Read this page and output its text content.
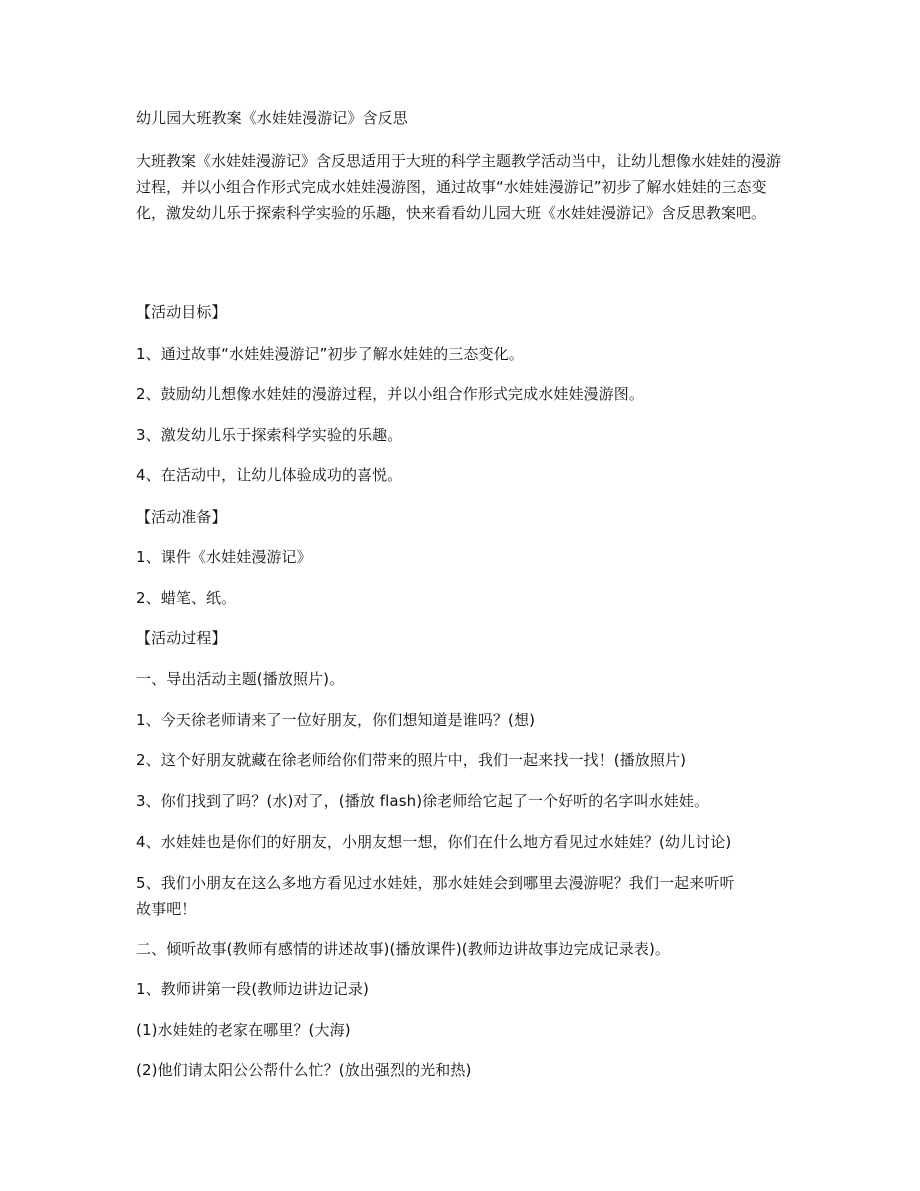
幼儿园大班教案《水娃娃漫游记》含反思
大班教案《水娃娃漫游记》含反思适用于大班的科学主题教学活动当中，让幼儿想像水娃娃的漫游过程，并以小组合作形式完成水娃娃漫游图，通过故事“水娃娃漫游记”初步了解水娃娃的三态变化，激发幼儿乐于探索科学实验的乐趣，快来看看幼儿园大班《水娃娃漫游记》含反思教案吧。
【活动目标】
1、通过故事“水娃娃漫游记”初步了解水娃娃的三态变化。
2、鼓励幼儿想像水娃娃的漫游过程，并以小组合作形式完成水娃娃漫游图。
3、激发幼儿乐于探索科学实验的乐趣。
4、在活动中，让幼儿体验成功的喜悦。
【活动准备】
1、课件《水娃娃漫游记》
2、蜡笔、纸。
【活动过程】
一、导出活动主题(播放照片)。
1、今天徐老师请来了一位好朋友，你们想知道是谁吗？(想)
2、这个好朋友就藏在徐老师给你们带来的照片中，我们一起来找一找！(播放照片)
3、你们找到了吗？(水)对了，(播放 flash)徐老师给它起了一个好听的名字叫水娃娃。
4、水娃娃也是你们的好朋友，小朋友想一想，你们在什么地方看见过水娃娃？(幼儿讨论)
5、我们小朋友在这么多地方看见过水娃娃，那水娃娃会到哪里去漫游呢？我们一起来听听
故事吧！
二、倾听故事(教师有感情的讲述故事)(播放课件)(教师边讲故事边完成记录表)。
1、教师讲第一段(教师边讲边记录)
(1)水娃娃的老家在哪里？(大海)
(2)他们请太阳公公帮什么忙？(放出强烈的光和热)
